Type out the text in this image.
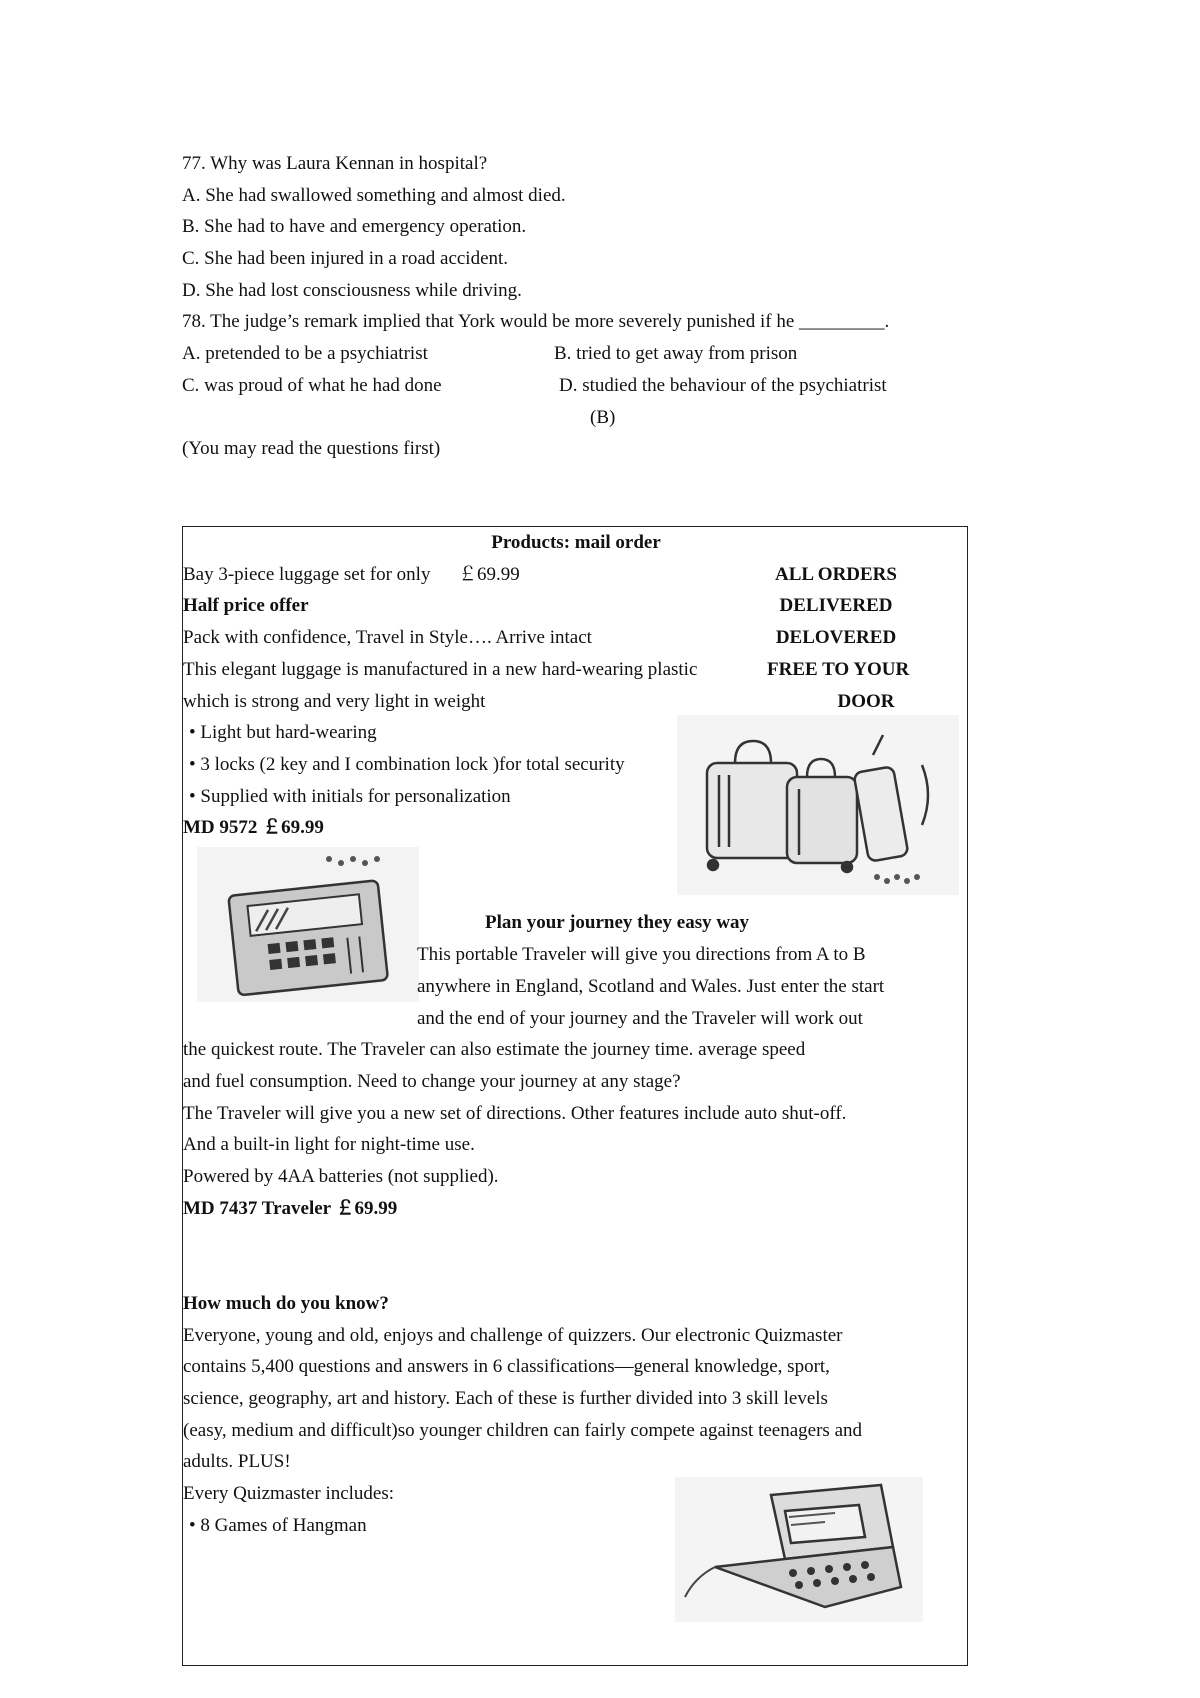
77. Why was Laura Kennan in hospital?
A. She had swallowed something and almost died.
B. She had to have and emergency operation.
C. She had been injured in a road accident.
D. She had lost consciousness while driving.
78. The judge’s remark implied that York would be more severely punished if he _________.
A. pretended to be a psychiatrist	B. tried to get away from prison
C. was proud of what he had done	D. studied the behaviour of the psychiatrist
(B)
(You may read the questions first)
Products: mail order
Bay 3-piece luggage set for only ￡69.99
Half price offer
Pack with confidence, Travel in Style…. Arrive intact
This elegant luggage is manufactured in a new hard-wearing plastic
which is strong and very light in weight
• Light but hard-wearing
• 3 locks (2 key and I combination lock )for total security
• Supplied with initials for personalization
MD 9572 ￡69.99
ALL ORDERS
DELIVERED
DELOVERED
FREE TO YOUR
DOOR
Plan your journey they easy way
This portable Traveler will give you directions from A to B
anywhere in England, Scotland and Wales. Just enter the start
and the end of your journey and the Traveler will work out
the quickest route. The Traveler can also estimate the journey time. average speed
and fuel consumption. Need to change your journey at any stage?
The Traveler will give you a new set of directions. Other features include auto shut-off.
And a built-in light for night-time use.
Powered by 4AA batteries (not supplied).
MD 7437 Traveler ￡69.99
How much do you know?
Everyone, young and old, enjoys and challenge of quizzers. Our electronic Quizmaster
contains 5,400 questions and answers in 6 classifications—general knowledge, sport,
science, geography, art and history. Each of these is further divided into 3 skill levels
(easy, medium and difficult)so younger children can fairly compete against teenagers and
adults. PLUS!
Every Quizmaster includes:
• 8 Games of Hangman
